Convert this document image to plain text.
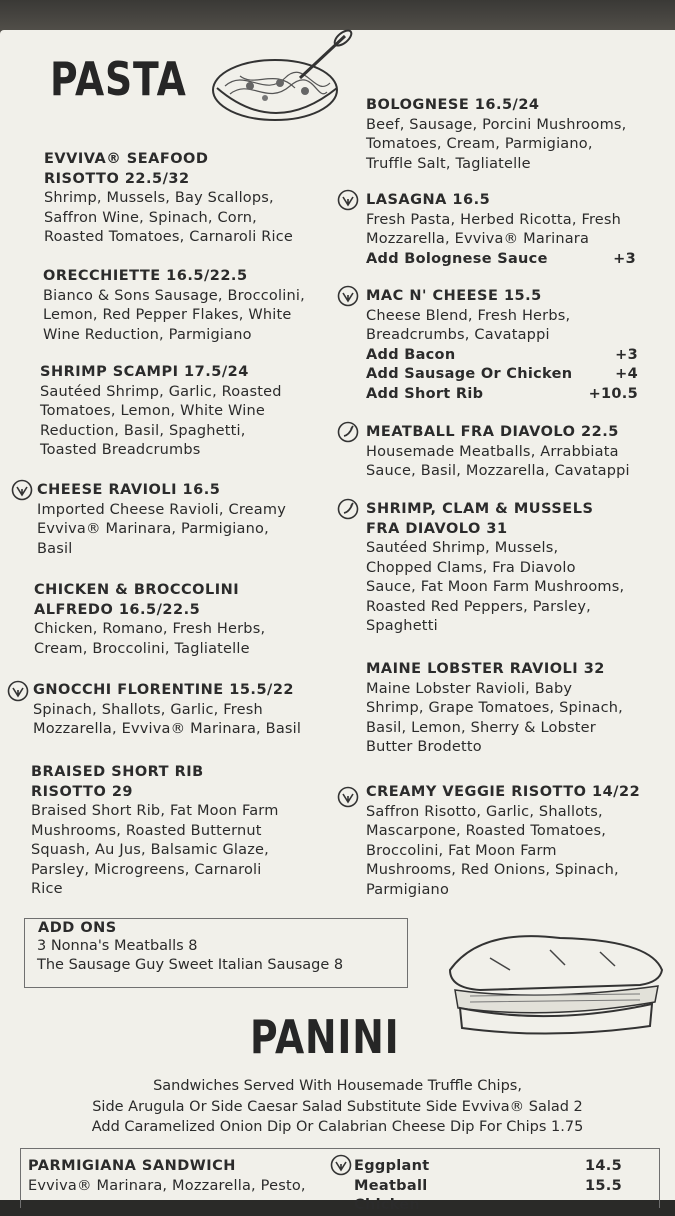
PASTA
ADD ONS
3 Nonna's Meatballs 8
The Sausage Guy Sweet Italian Sausage 8
PANINI
Sandwiches Served With Housemade Truffle Chips,
Side Arugula Or Side Caesar Salad Substitute Side Evviva® Salad 2
Add Caramelized Onion Dip Or Calabrian Cheese Dip For Chips 1.75
PARMIGIANA SANDWICH
Evviva® Marinara, Mozzarella, Pesto,
Eggplant	14.5
Meatball	15.5
Chicken
EVVIVA® SEAFOOD
RISOTTO 22.5/32
Shrimp, Mussels, Bay Scallops,
Saffron Wine, Spinach, Corn,
Roasted Tomatoes, Carnaroli Rice
ORECCHIETTE 16.5/22.5
Bianco & Sons Sausage, Broccolini,
Lemon, Red Pepper Flakes, White
Wine Reduction, Parmigiano
SHRIMP SCAMPI 17.5/24
Sautéed Shrimp, Garlic, Roasted
Tomatoes, Lemon, White Wine
Reduction, Basil, Spaghetti,
Toasted Breadcrumbs
CHEESE RAVIOLI 16.5
Imported Cheese Ravioli, Creamy
Evviva® Marinara, Parmigiano,
Basil
CHICKEN & BROCCOLINI
ALFREDO 16.5/22.5
Chicken, Romano, Fresh Herbs,
Cream, Broccolini, Tagliatelle
GNOCCHI FLORENTINE 15.5/22
Spinach, Shallots, Garlic, Fresh
Mozzarella, Evviva® Marinara, Basil
BRAISED SHORT RIB
RISOTTO 29
Braised Short Rib, Fat Moon Farm
Mushrooms, Roasted Butternut
Squash, Au Jus, Balsamic Glaze,
Parsley, Microgreens, Carnaroli
Rice
BOLOGNESE 16.5/24
Beef, Sausage, Porcini Mushrooms,
Tomatoes, Cream, Parmigiano,
Truffle Salt, Tagliatelle
LASAGNA 16.5
Fresh Pasta, Herbed Ricotta, Fresh
Mozzarella, Evviva® Marinara
Add Bolognese Sauce	+3
MAC N' CHEESE 15.5
Cheese Blend, Fresh Herbs,
Breadcrumbs, Cavatappi
Add Bacon	+3
Add Sausage Or Chicken	+4
Add Short Rib	+10.5
MEATBALL FRA DIAVOLO 22.5
Housemade Meatballs, Arrabbiata
Sauce, Basil, Mozzarella, Cavatappi
SHRIMP, CLAM & MUSSELS
FRA DIAVOLO 31
Sautéed Shrimp, Mussels,
Chopped Clams, Fra Diavolo
Sauce, Fat Moon Farm Mushrooms,
Roasted Red Peppers, Parsley,
Spaghetti
MAINE LOBSTER RAVIOLI 32
Maine Lobster Ravioli, Baby
Shrimp, Grape Tomatoes, Spinach,
Basil, Lemon, Sherry & Lobster
Butter Brodetto
CREAMY VEGGIE RISOTTO 14/22
Saffron Risotto, Garlic, Shallots,
Mascarpone, Roasted Tomatoes,
Broccolini, Fat Moon Farm
Mushrooms, Red Onions, Spinach,
Parmigiano
